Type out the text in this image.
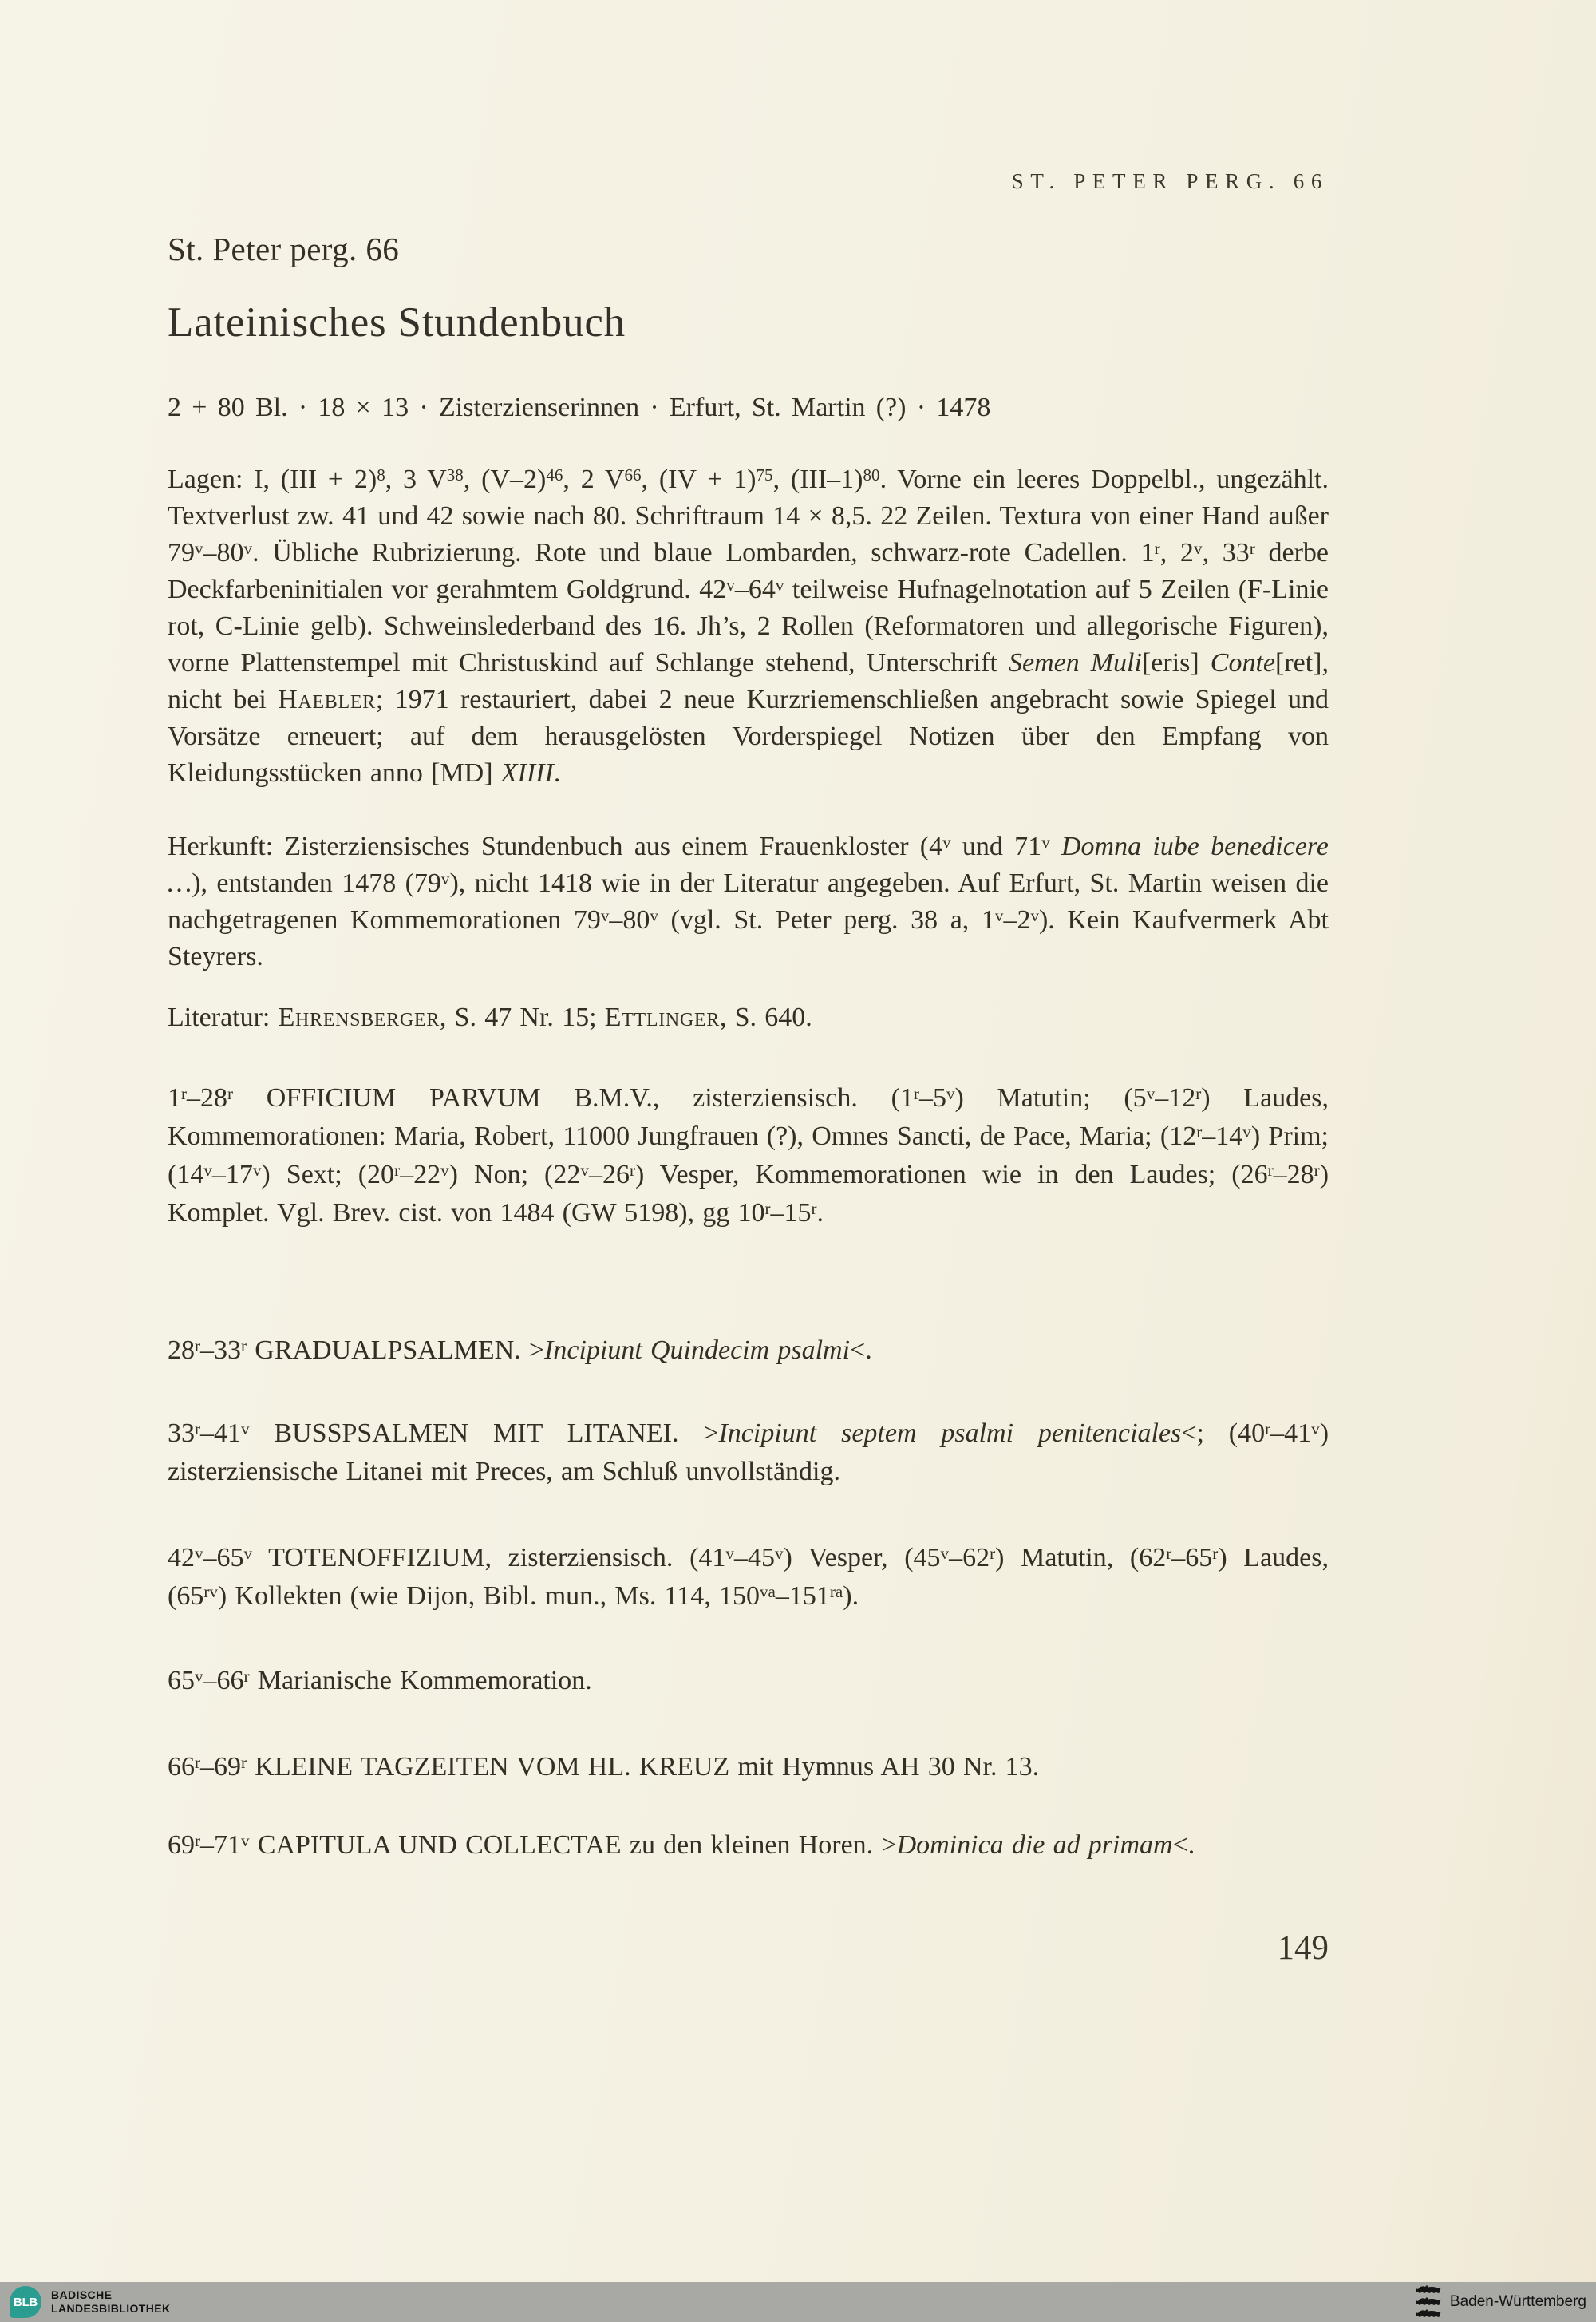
ST. PETER PERG. 66
St. Peter perg. 66
Lateinisches Stundenbuch
2 + 80 Bl. · 18 × 13 · Zisterzienserinnen · Erfurt, St. Martin (?) · 1478

Lagen: I, (III + 2)$^8$, 3 $V^{38}$, $(V-2)^{46}$, 2 $V^{66}$, (IV + 1)$^{75}$, $(III-1)^{80}$. Vorne ein leeres Doppelbl., ungezählt. Textverlust zw. 41 und 42 sowie nach 80. Schriftraum 14 × 8,5. 22 Zeilen. Textura von einer Hand außer 79$^v$–80$^v$. Übliche Rubrizierung. Rote und blaue Lombarden, schwarz-rote Cadellen. 1$^r$, 2$^v$, 33$^r$ derbe Deckfarbeninitialen vor gerahmtem Goldgrund. 42$^v$–64$^v$ teilweise Hufnagelnotation auf 5 Zeilen (F-Linie rot, C-Linie gelb). Schweinslederband des 16. Jh’s, 2 Rollen (Reformatoren und allegorische Figuren), vorne Plattenstempel mit Christuskind auf Schlange stehend, Unterschrift Semen Muli[eris] Conte[ret], nicht bei Haebler; 1971 restauriert, dabei 2 neue Kurzriemenschließen angebracht sowie Spiegel und Vorsätze erneuert; auf dem herausgelösten Vorderspiegel Notizen über den Empfang von Kleidungsstücken anno [MD] XIIII.

Herkunft: Zisterziensisches Stundenbuch aus einem Frauenkloster (4$^v$ und 71$^v$ Domna iube benedicere …), entstanden 1478 (79$^v$), nicht 1418 wie in der Literatur angegeben. Auf Erfurt, St. Martin weisen die nachgetragenen Kommemorationen 79$^v$–80$^v$ (vgl. St. Peter perg. 38 a, 1$^v$–2$^v$). Kein Kaufvermerk Abt Steyrers.

Literatur: Ehrensberger, S. 47 Nr. 15; Ettlinger, S. 640.

1$^r$–28$^r$ OFFICIUM PARVUM B.M.V., zisterziensisch. (1$^r$–5$^v$) Matutin; (5$^v$–12$^r$) Laudes, Kommemorationen: Maria, Robert, 11000 Jungfrauen (?), Omnes Sancti, de Pace, Maria; (12$^r$–14$^v$) Prim; (14$^v$–17$^v$) Sext; (20$^r$–22$^v$) Non; (22$^v$–26$^r$) Vesper, Kommemorationen wie in den Laudes; (26$^r$–28$^r$) Komplet. Vgl. Brev. cist. von 1484 (GW 5198), gg 10$^r$–15$^r$.

28$^r$–33$^r$ GRADUALPSALMEN. >Incipiunt Quindecim psalmi<.

33$^r$–41$^v$ BUSSPSALMEN MIT LITANEI. >Incipiunt septem psalmi penitenciales<; (40$^r$–41$^v$) zisterziensische Litanei mit Preces, am Schluß unvollständig.

42$^v$–65$^v$ TOTENOFFIZIUM, zisterziensisch. (41$^v$–45$^v$) Vesper, (45$^v$–62$^r$) Matutin, (62$^r$–65$^r$) Laudes, $(65^{rv})$ Kollekten (wie Dijon, Bibl. mun., Ms. 114, $150^{va}-151^{ra}$).

65$^v$–66$^r$ Marianische Kommemoration.

66$^r$–69$^r$ KLEINE TAGZEITEN VOM HL. KREUZ mit Hymnus AH 30 Nr. 13.

69$^r$–71$^v$ CAPITULA UND COLLECTAE zu den kleinen Horen. >Dominica die ad primam<.

149
BLB
BADISCHE
LANDESBIBLIOTHEK	Baden-Württemberg
